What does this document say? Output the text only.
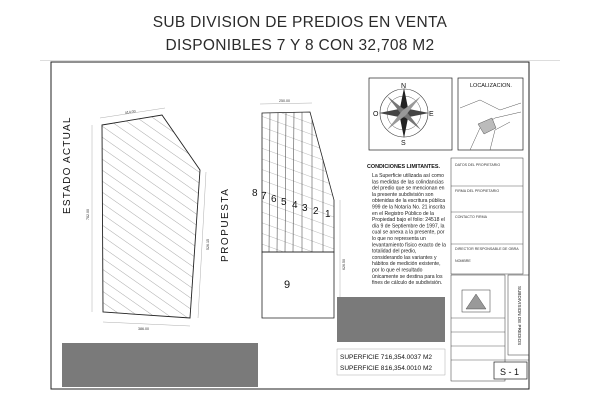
SUB DIVISION DE PREDIOS EN VENTA
DISPONIBLES 7 Y 8 CON 32,708 M2
414.00
782.00
526.15
386.00
ESTADO ACTUAL
250.00
626.50
8 7 6 5 4 3 2 1
9
PROPUESTA
N
S
E
O
LOCALIZACION.
CONDICIONES LIMITANTES.
La Superficie utilizada así como
las medidas de las colindancias
del predio que se mencionan en
la presente subdivisión son
obtenidas de la escritura pública
999 de la Notaría No. 21 inscrita
en el Registro Público de la
Propiedad bajo el folio: 24518 el
día 9 de Septiembre de 1997, la
cual se anexa a la presente, por
lo que no representa un
levantamiento físico exacto de la
totalidad del predio,
considerando las variantes y
hábitos de medición existente,
por lo que el resultado
únicamente se destina para los
fines de cálculo de subdivisión.
DATOS DEL PROPIETARIO
FIRMA DEL PROPIETARIO
CONTACTO FIRMA
DIRECTOR RESPONSABLE DE OBRA
NOMBRE
SUBDIVISION DE PREDIOS
S - 1
SUPERFICIE 7:
16,354.0037 M2
SUPERFICIE 8:
16,354.0010 M2
